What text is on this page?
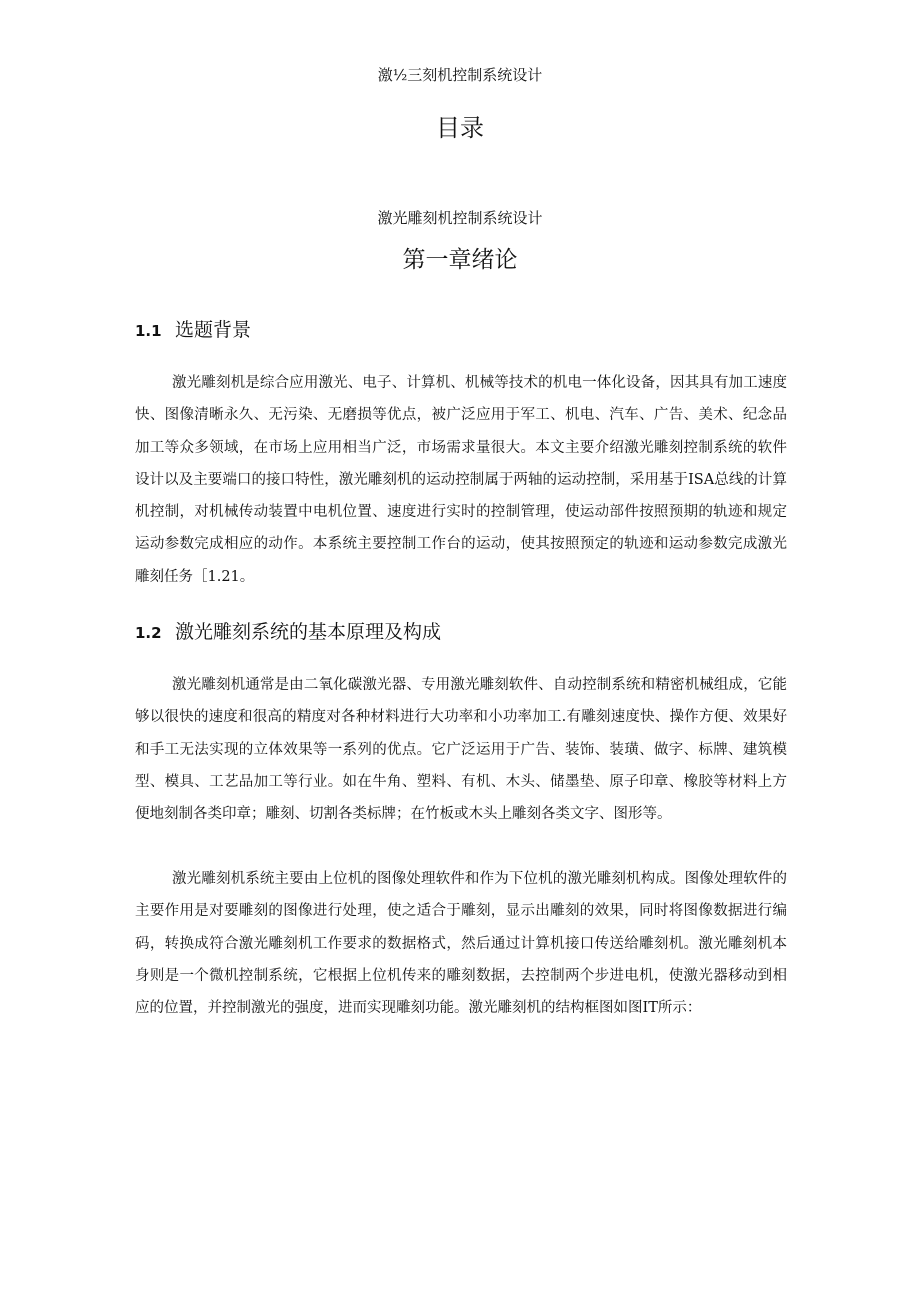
激½三刻机控制系统设计
目录
激光雕刻机控制系统设计
第一章绪论
1.1 选题背景

激光雕刻机是综合应用激光、电子、计算机、机械等技术的机电一体化设备，因其具有加工速度快、图像清晰永久、无污染、无磨损等优点，被广泛应用于军工、机电、汽车、广告、美术、纪念品加工等众多领域，在市场上应用相当广泛，市场需求量很大。本文主要介绍激光雕刻控制系统的软件设计以及主要端口的接口特性，激光雕刻机的运动控制属于两轴的运动控制，采用基于ISA总线的计算机控制，对机械传动装置中电机位置、速度进行实时的控制管理，使运动部件按照预期的轨迹和规定运动参数完成相应的动作。本系统主要控制工作台的运动，使其按照预定的轨迹和运动参数完成激光雕刻任务［1.21。

1.2 激光雕刻系统的基本原理及构成

激光雕刻机通常是由二氧化碳激光器、专用激光雕刻软件、自动控制系统和精密机械组成，它能够以很快的速度和很高的精度对各种材料进行大功率和小功率加工.有雕刻速度快、操作方便、效果好和手工无法实现的立体效果等一系列的优点。它广泛运用于广告、装饰、装璜、做字、标牌、建筑模型、模具、工艺品加工等行业。如在牛角、塑料、有机、木头、储墨垫、原子印章、橡胶等材料上方便地刻制各类印章；雕刻、切割各类标牌；在竹板或木头上雕刻各类文字、图形等。

激光雕刻机系统主要由上位机的图像处理软件和作为下位机的激光雕刻机构成。图像处理软件的主要作用是对要雕刻的图像进行处理，使之适合于雕刻，显示出雕刻的效果，同时将图像数据进行编码，转换成符合激光雕刻机工作要求的数据格式，然后通过计算机接口传送给雕刻机。激光雕刻机本身则是一个微机控制系统，它根据上位机传来的雕刻数据，去控制两个步进电机，使激光器移动到相应的位置，并控制激光的强度，进而实现雕刻功能。激光雕刻机的结构框图如图IT所示：
